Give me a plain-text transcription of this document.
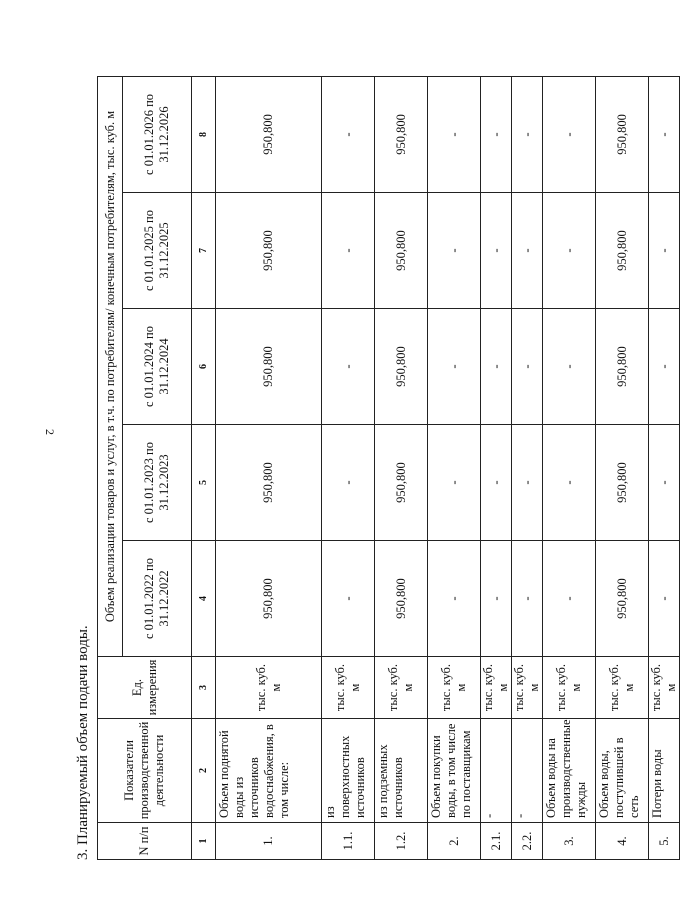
2
3. Планируемый объем подачи воды.	N п/п	Показатели производственной деятельности	Ед. измерения	Объем реализации товаров и услуг, в т.ч. по потребителям/ конечным потребителям, тыс. куб. м				
			с 01.01.2022 по 31.12.2022	с 01.01.2023 по 31.12.2023	с 01.01.2024 по 31.12.2024	с 01.01.2025 по 31.12.2025	с 01.01.2026 по 31.12.2026
1	2	3	4	5	6	7	8
1.	Объем поднятой воды из источников водоснабжения, в том числе:	тыс. куб. м	950,800	950,800	950,800	950,800	950,800
1.1.	из поверхностных источников	тыс. куб. м	-	-	-	-	-
1.2.	из подземных источников	тыс. куб. м	950,800	950,800	950,800	950,800	950,800
2.	Объем покупки воды, в том числе по поставщикам	тыс. куб. м	-	-	-	-	-
2.1.	-	тыс. куб. м	-	-	-	-	-
2.2.	-	тыс. куб. м	-	-	-	-	-
3.	Объем воды на производственные нужды	тыс. куб. м	-	-	-	-	-
4.	Объем воды, поступившей в сеть	тыс. куб. м	950,800	950,800	950,800	950,800	950,800
5.	Потери воды	тыс. куб. м	-	-	-	-	-
